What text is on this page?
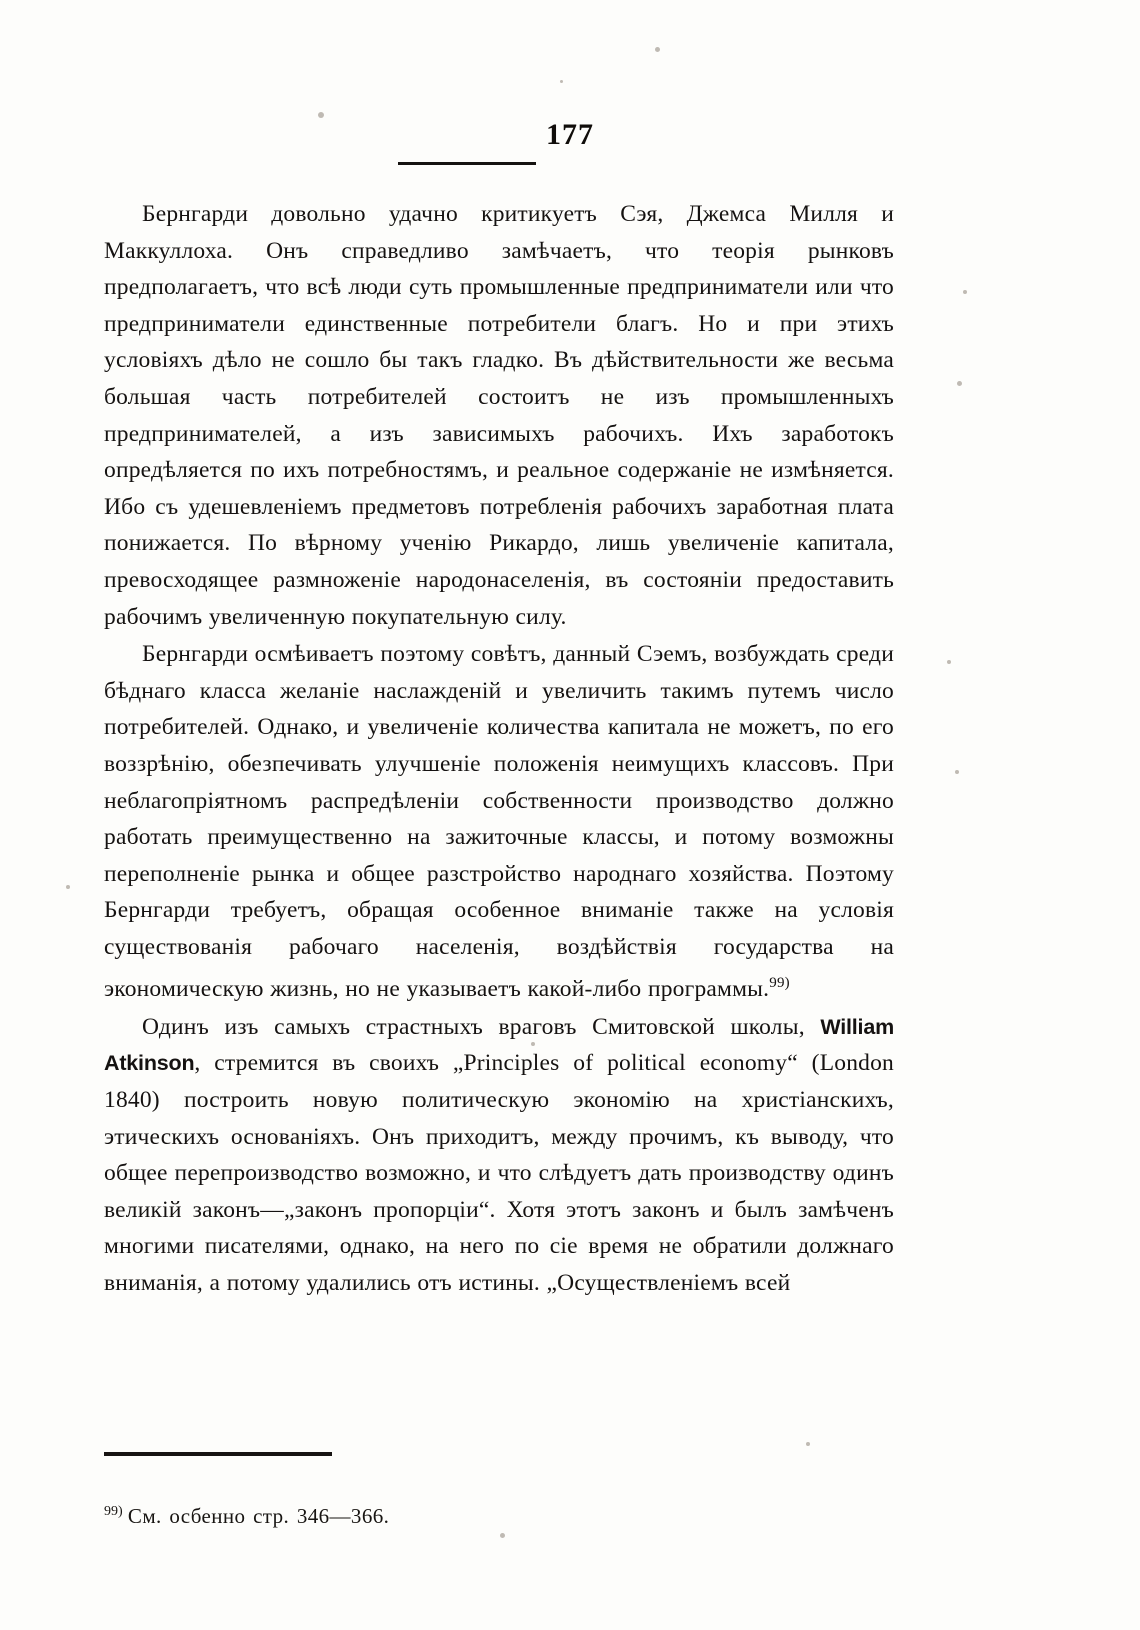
177

Бернгарди довольно удачно критикуетъ Сэя, Джемса Милля и Маккуллоха. Онъ справедливо замѣчаетъ, что теорія рынковъ предполагаетъ, что всѣ люди суть промышленные предприниматели или что предприниматели единственные потребители благъ. Но и при этихъ условіяхъ дѣло не сошло бы такъ гладко. Въ дѣйствительности же весьма большая часть потребителей состоитъ не изъ промышленныхъ предпринимателей, а изъ зависимыхъ рабочихъ. Ихъ заработокъ опредѣляется по ихъ потребностямъ, и реальное содержаніе не измѣняется. Ибо съ удешевленіемъ предметовъ потребленія рабочихъ заработная плата понижается. По вѣрному ученію Рикардо, лишь увеличеніе капитала, превосходящее размноженіе народонаселенія, въ состояніи предоставить рабочимъ увеличенную покупательную силу.

Бернгарди осмѣиваетъ поэтому совѣтъ, данный Сэемъ, возбуждать среди бѣднаго класса желаніе наслажденій и увеличить такимъ путемъ число потребителей. Однако, и увеличеніе количества капитала не можетъ, по его воззрѣнію, обезпечивать улучшеніе положенія неимущихъ классовъ. При неблагопріятномъ распредѣленіи собственности производство должно работать преимущественно на зажиточные классы, и потому возможны переполненіе рынка и общее разстройство народнаго хозяйства. Поэтому Бернгарди требуетъ, обращая особенное вниманіе также на условія существованія рабочаго населенія, воздѣйствія государства на экономическую жизнь, но не указываетъ какой-либо программы.$^{99)}$

Одинъ изъ самыхъ страстныхъ враговъ Смитовской школы, William Atkinson, стремится въ своихъ „Principles of political economy“ (London 1840) построить новую политическую экономію на христіанскихъ, этическихъ основаніяхъ. Онъ приходитъ, между прочимъ, къ выводу, что общее перепроизводство возможно, и что слѣдуетъ дать производству одинъ великій законъ—„законъ пропорціи“. Хотя этотъ законъ и былъ замѣченъ многими писателями, однако, на него по сіе время не обратили должнаго вниманія, а потому удалились отъ истины. „Осуществленіемъ всей

$^{99)}$ См. осбенно стр. 346—366.
